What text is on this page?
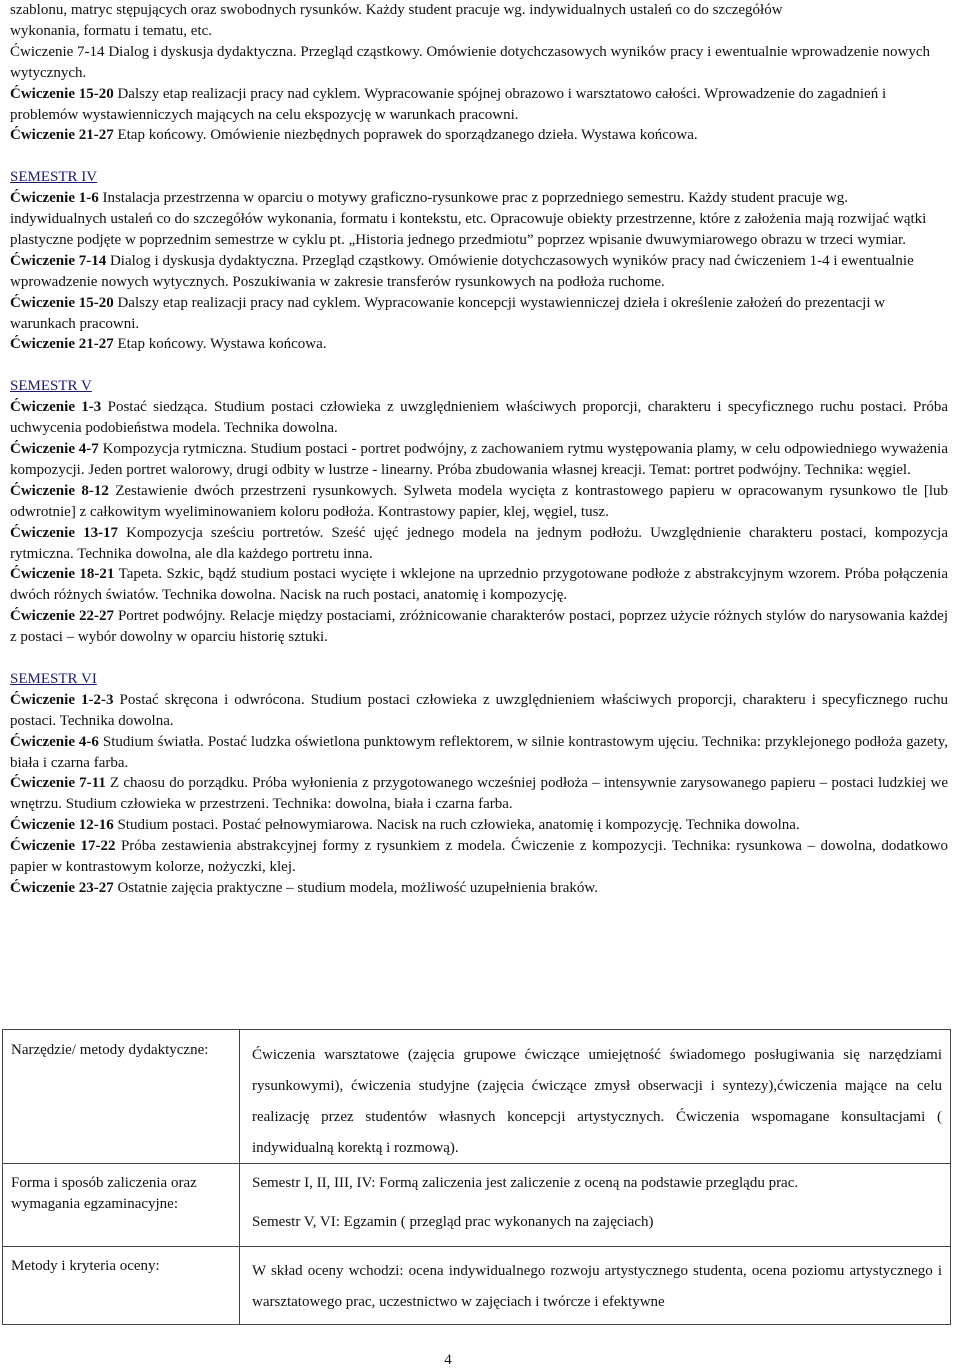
szablonu, matryc stępujących oraz swobodnych rysunków. Każdy student pracuje wg. indywidualnych ustaleń co do szczegółów

wykonania, formatu i tematu, etc.

Ćwiczenie 7-14 Dialog i dyskusja dydaktyczna. Przegląd cząstkowy. Omówienie dotychczasowych wyników pracy i ewentualnie wprowadzenie nowych wytycznych.

Ćwiczenie 15-20 Dalszy etap realizacji pracy nad cyklem. Wypracowanie spójnej obrazowo i warsztatowo całości. Wprowadzenie do zagadnień i problemów wystawienniczych mających na celu ekspozycję w warunkach pracowni.

Ćwiczenie 21-27 Etap końcowy. Omówienie niezbędnych poprawek do sporządzanego dzieła. Wystawa końcowa.

SEMESTR IV

Ćwiczenie 1-6 Instalacja przestrzenna w oparciu o motywy graficzno-rysunkowe prac z poprzedniego semestru. Każdy student pracuje wg. indywidualnych ustaleń co do szczegółów wykonania, formatu i kontekstu, etc. Opracowuje obiekty przestrzenne, które z założenia mają rozwijać wątki plastyczne podjęte w poprzednim semestrze w cyklu pt. „Historia jednego przedmiotu” poprzez wpisanie dwuwymiarowego obrazu w trzeci wymiar.

Ćwiczenie 7-14 Dialog i dyskusja dydaktyczna. Przegląd cząstkowy. Omówienie dotychczasowych wyników pracy nad ćwiczeniem 1-4 i ewentualnie wprowadzenie nowych wytycznych. Poszukiwania w zakresie transferów rysunkowych na podłoża ruchome.

Ćwiczenie 15-20 Dalszy etap realizacji pracy nad cyklem. Wypracowanie koncepcji wystawienniczej dzieła i określenie założeń do prezentacji w warunkach pracowni.

Ćwiczenie 21-27 Etap końcowy. Wystawa końcowa.

SEMESTR V

Ćwiczenie 1-3 Postać siedząca. Studium postaci człowieka z uwzględnieniem właściwych proporcji, charakteru i specyficznego ruchu postaci. Próba uchwycenia podobieństwa modela. Technika dowolna.

Ćwiczenie 4-7 Kompozycja rytmiczna. Studium postaci - portret podwójny, z zachowaniem rytmu występowania plamy, w celu odpowiedniego wyważenia kompozycji. Jeden portret walorowy, drugi odbity w lustrze - linearny. Próba zbudowania własnej kreacji. Temat: portret podwójny. Technika: węgiel.

Ćwiczenie 8-12 Zestawienie dwóch przestrzeni rysunkowych. Sylweta modela wycięta z kontrastowego papieru w opracowanym rysunkowo tle [lub odwrotnie] z całkowitym wyeliminowaniem koloru podłoża. Kontrastowy papier, klej, węgiel, tusz.

Ćwiczenie 13-17 Kompozycja sześciu portretów. Sześć ujęć jednego modela na jednym podłożu. Uwzględnienie charakteru postaci, kompozycja rytmiczna. Technika dowolna, ale dla każdego portretu inna.

Ćwiczenie 18-21 Tapeta. Szkic, bądź studium postaci wycięte i wklejone na uprzednio przygotowane podłoże z abstrakcyjnym wzorem. Próba połączenia dwóch różnych światów. Technika dowolna. Nacisk na ruch postaci, anatomię i kompozycję.

Ćwiczenie 22-27 Portret podwójny. Relacje między postaciami, zróżnicowanie charakterów postaci, poprzez użycie różnych stylów do narysowania każdej z postaci – wybór dowolny w oparciu historię sztuki.

SEMESTR VI

Ćwiczenie 1-2-3 Postać skręcona i odwrócona. Studium postaci człowieka z uwzględnieniem właściwych proporcji, charakteru i specyficznego ruchu postaci. Technika dowolna.

Ćwiczenie 4-6 Studium światła. Postać ludzka oświetlona punktowym reflektorem, w silnie kontrastowym ujęciu. Technika: przyklejonego podłoża gazety, biała i czarna farba.

Ćwiczenie 7-11 Z chaosu do porządku. Próba wyłonienia z przygotowanego wcześniej podłoża – intensywnie zarysowanego papieru – postaci ludzkiej we wnętrzu. Studium człowieka w przestrzeni. Technika: dowolna, biała i czarna farba.

Ćwiczenie 12-16 Studium postaci. Postać pełnowymiarowa. Nacisk na ruch człowieka, anatomię i kompozycję. Technika dowolna.

Ćwiczenie 17-22 Próba zestawienia abstrakcyjnej formy z rysunkiem z modela. Ćwiczenie z kompozycji. Technika: rysunkowa – dowolna, dodatkowo papier w kontrastowym kolorze, nożyczki, klej.

Ćwiczenie 23-27 Ostatnie zajęcia praktyczne – studium modela, możliwość uzupełnienia braków.

Narzędzie/ metody dydaktyczne:	Ćwiczenia warsztatowe (zajęcia grupowe ćwiczące umiejętność świadomego posługiwania się narzędziami rysunkowymi), ćwiczenia studyjne (zajęcia ćwiczące zmysł obserwacji i syntezy),ćwiczenia mające na celu realizację przez studentów własnych koncepcji artystycznych. Ćwiczenia wspomagane konsultacjami ( indywidualną korektą i rozmową).
Forma i sposób zaliczenia oraz wymagania egzaminacyjne:
Semestr I, II, III, IV: Formą zaliczenia jest zaliczenie z oceną na podstawie przeglądu prac.
Semestr V, VI: Egzamin ( przegląd prac wykonanych na zajęciach)
Metody i kryteria oceny:	W skład oceny wchodzi: ocena indywidualnego rozwoju artystycznego studenta, ocena poziomu artystycznego i warsztatowego prac, uczestnictwo w zajęciach i twórcze i efektywne
4
